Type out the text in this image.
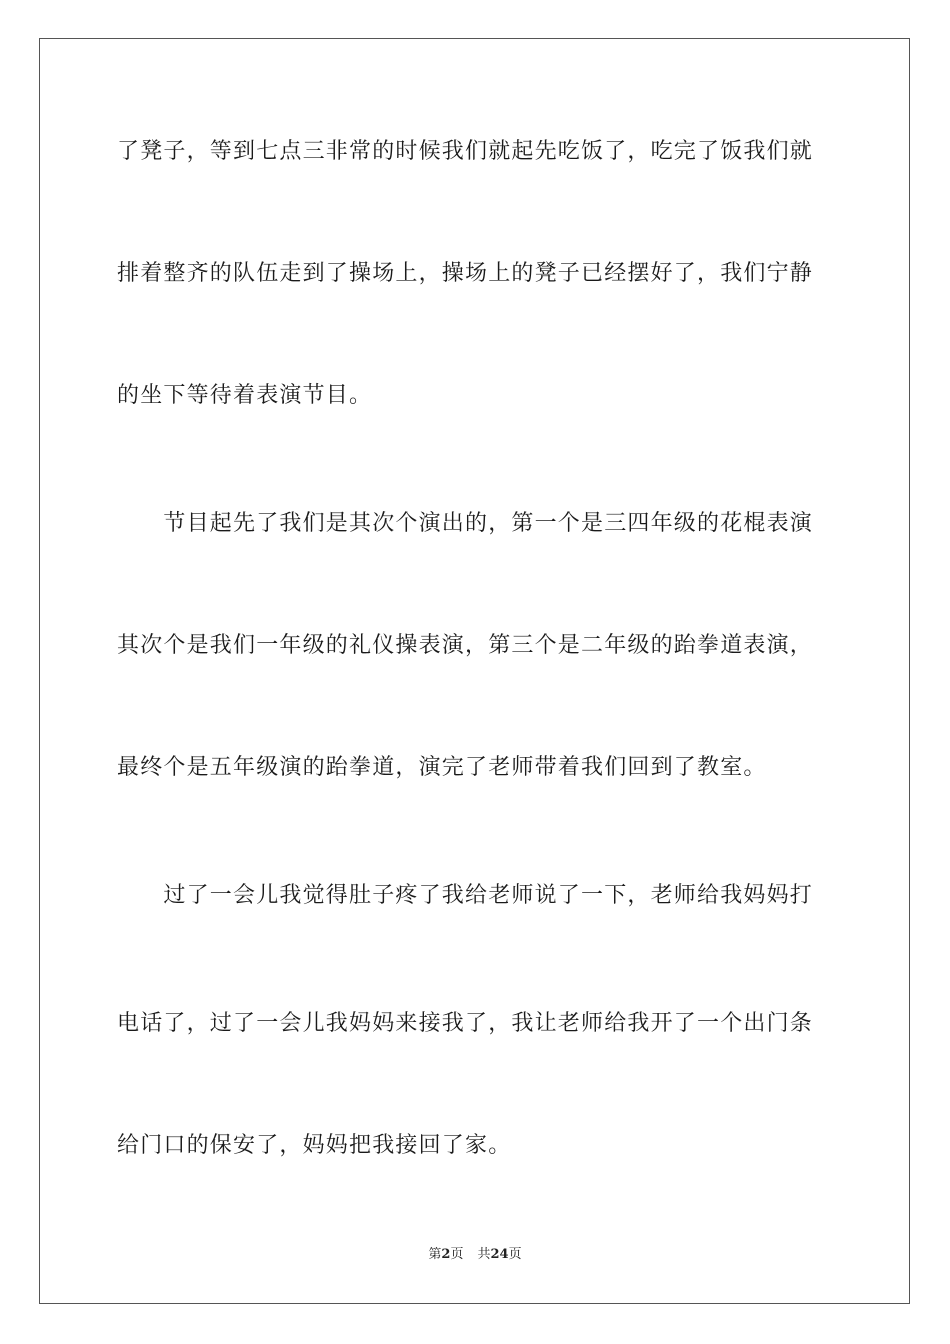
了凳子，等到七点三非常的时候我们就起先吃饭了，吃完了饭我们就
排着整齐的队伍走到了操场上，操场上的凳子已经摆好了，我们宁静
的坐下等待着表演节目。
　　节目起先了我们是其次个演出的，第一个是三四年级的花棍表演
其次个是我们一年级的礼仪操表演，第三个是二年级的跆拳道表演，
最终个是五年级演的跆拳道，演完了老师带着我们回到了教室。
　　过了一会儿我觉得肚子疼了我给老师说了一下，老师给我妈妈打
电话了，过了一会儿我妈妈来接我了，我让老师给我开了一个出门条
给门口的保安了，妈妈把我接回了家。
第2页 共24页
